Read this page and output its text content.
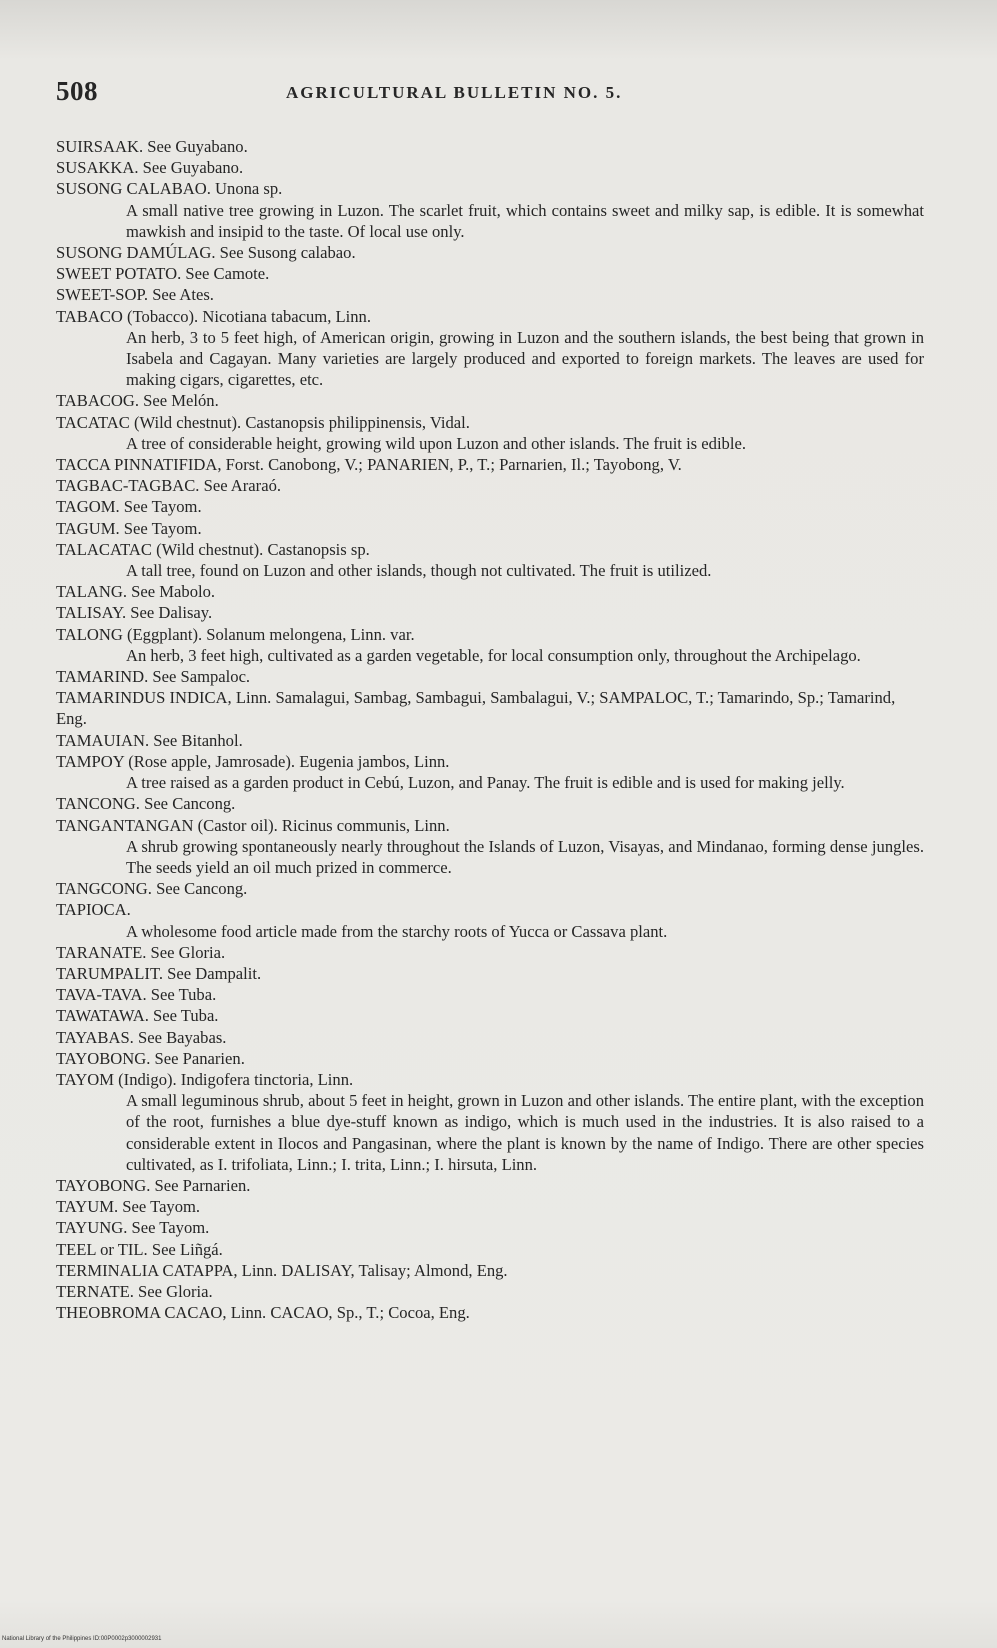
508	AGRICULTURAL BULLETIN NO. 5.
SUIRSAAK. See Guyabano.
SUSAKKA. See Guyabano.
SUSONG CALABAO. Unona sp.
A small native tree growing in Luzon. The scarlet fruit, which contains sweet and milky sap, is edible. It is somewhat mawkish and insipid to the taste. Of local use only.
SUSONG DAMÚLAG. See Susong calabao.
SWEET POTATO. See Camote.
SWEET-SOP. See Ates.
TABACO (Tobacco). Nicotiana tabacum, Linn.
An herb, 3 to 5 feet high, of American origin, growing in Luzon and the southern islands, the best being that grown in Isabela and Cagayan. Many varieties are largely produced and exported to foreign markets. The leaves are used for making cigars, cigarettes, etc.
TABACOG. See Melón.
TACATAC (Wild chestnut). Castanopsis philippinensis, Vidal.
A tree of considerable height, growing wild upon Luzon and other islands. The fruit is edible.
TACCA PINNATIFIDA, Forst. Canobong, V.; PANARIEN, P., T.; Parnarien, Il.; Tayobong, V.
TAGBAC-TAGBAC. See Araraó.
TAGOM. See Tayom.
TAGUM. See Tayom.
TALACATAC (Wild chestnut). Castanopsis sp.
A tall tree, found on Luzon and other islands, though not cultivated. The fruit is utilized.
TALANG. See Mabolo.
TALISAY. See Dalisay.
TALONG (Eggplant). Solanum melongena, Linn. var.
An herb, 3 feet high, cultivated as a garden vegetable, for local consumption only, throughout the Archipelago.
TAMARIND. See Sampaloc.
TAMARINDUS INDICA, Linn. Samalagui, Sambag, Sambagui, Sambalagui, V.; SAMPALOC, T.; Tamarindo, Sp.; Tamarind, Eng.
TAMAUIAN. See Bitanhol.
TAMPOY (Rose apple, Jamrosade). Eugenia jambos, Linn.
A tree raised as a garden product in Cebú, Luzon, and Panay. The fruit is edible and is used for making jelly.
TANCONG. See Cancong.
TANGANTANGAN (Castor oil). Ricinus communis, Linn.
A shrub growing spontaneously nearly throughout the Islands of Luzon, Visayas, and Mindanao, forming dense jungles. The seeds yield an oil much prized in commerce.
TANGCONG. See Cancong.
TAPIOCA.
A wholesome food article made from the starchy roots of Yucca or Cassava plant.
TARANATE. See Gloria.
TARUMPALIT. See Dampalit.
TAVA-TAVA. See Tuba.
TAWATAWA. See Tuba.
TAYABAS. See Bayabas.
TAYOBONG. See Panarien.
TAYOM (Indigo). Indigofera tinctoria, Linn.
A small leguminous shrub, about 5 feet in height, grown in Luzon and other islands. The entire plant, with the exception of the root, furnishes a blue dye-stuff known as indigo, which is much used in the industries. It is also raised to a considerable extent in Ilocos and Pangasinan, where the plant is known by the name of Indigo. There are other species cultivated, as I. trifoliata, Linn.; I. trita, Linn.; I. hirsuta, Linn.
TAYOBONG. See Parnarien.
TAYUM. See Tayom.
TAYUNG. See Tayom.
TEEL or TIL. See Liñgá.
TERMINALIA CATAPPA, Linn. DALISAY, Talisay; Almond, Eng.
TERNATE. See Gloria.
THEOBROMA CACAO, Linn. CACAO, Sp., T.; Cocoa, Eng.
National Library of the Philippines ID:00P0002p3000002931
